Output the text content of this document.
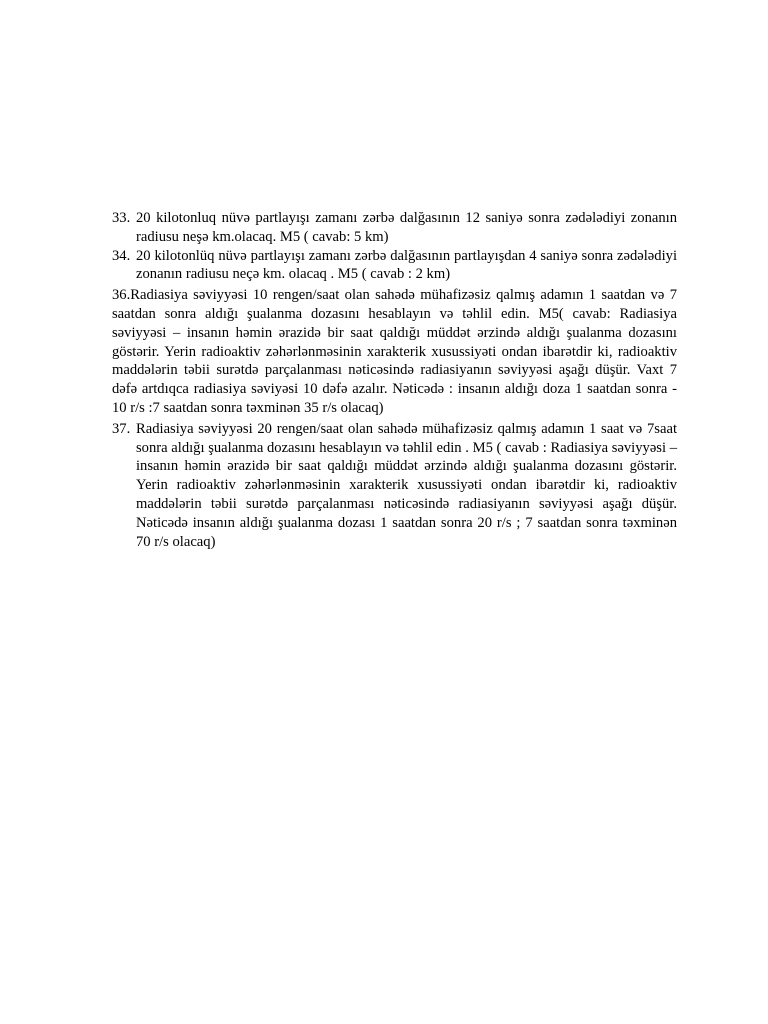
33. 20 kilotonluq nüvə partlayışı zamanı zərbə dalğasının 12 saniyə sonra zədələdiyi zonanın radiusu neşə km.olacaq. M5 ( cavab: 5 km)
34. 20 kilotonlüq nüvə partlayışı zamanı zərbə dalğasının partlayışdan 4 saniyə sonra zədələdiyi zonanın radiusu neçə km. olacaq . M5 ( cavab : 2 km)
36.Radiasiya səviyyəsi 10 rengen/saat olan sahədə mühafizəsiz qalmış adamın 1 saatdan və 7 saatdan sonra aldığı şualanma dozasını hesablayın və təhlil edin. M5( cavab: Radiasiya səviyyəsi – insanın həmin ərazidə bir saat qaldığı müddət ərzində aldığı şualanma dozasını göstərir. Yerin radioaktiv zəhərlənməsinin xarakterik xusussiyəti ondan ibarətdir ki, radioaktiv maddələrin təbii surətdə parçalanması nəticəsində radiasiyanın səviyyəsi aşağı düşür. Vaxt 7 dəfə artdıqca radiasiya səviyəsi 10 dəfə azalır. Nəticədə : insanın aldığı doza 1 saatdan sonra - 10 r/s :7 saatdan sonra təxminən 35 r/s olacaq)
37. Radiasiya səviyyəsi 20 rengen/saat olan sahədə mühafizəsiz qalmış adamın 1 saat və 7saat sonra aldığı şualanma dozasını hesablayın və təhlil edin . M5 ( cavab : Radiasiya səviyyəsi – insanın həmin ərazidə bir saat qaldığı müddət ərzində aldığı şualanma dozasını göstərir. Yerin radioaktiv zəhərlənməsinin xarakterik xusussiyəti ondan ibarətdir ki, radioaktiv maddələrin təbii surətdə parçalanması nəticəsində radiasiyanın səviyyəsi aşağı düşür. Nəticədə insanın aldığı şualanma dozası 1 saatdan sonra 20 r/s ; 7 saatdan sonra təxminən 70 r/s olacaq)
